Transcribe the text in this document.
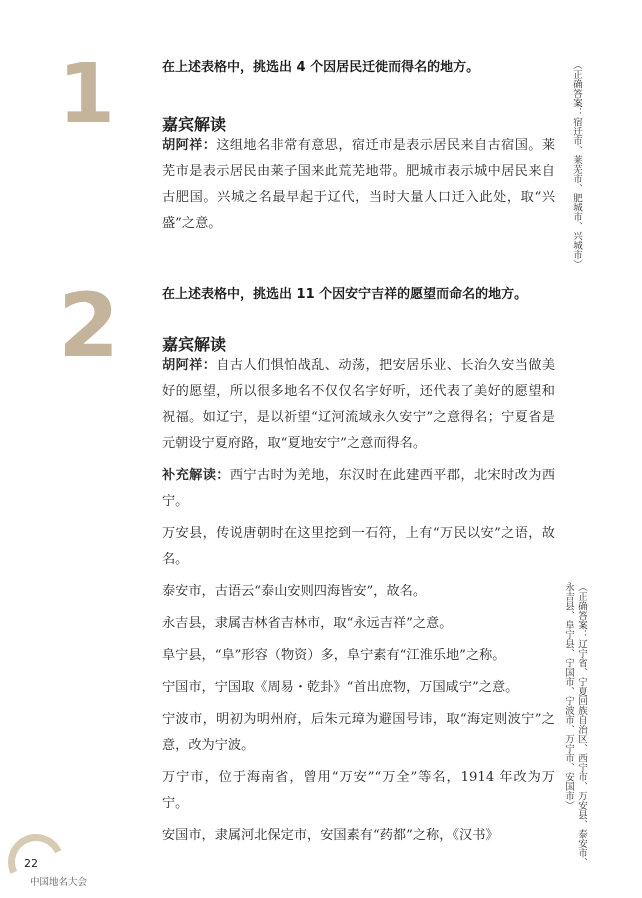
1	在上述表格中，挑选出 4 个因居民迁徙而得名的地方。
嘉宾解读

胡阿祥：这组地名非常有意思，宿迁市是表示居民来自古宿国。莱芜市是表示居民由莱子国来此荒芜地带。肥城市表示城中居民来自古肥国。兴城之名最早起于辽代，当时大量人口迁入此处，取“兴盛”之意。	（正确答案：宿迁市、莱芜市、肥城市、兴城市）
2	在上述表格中，挑选出 11 个因安宁吉祥的愿望而命名的地方。
嘉宾解读

胡阿祥：自古人们惧怕战乱、动荡，把安居乐业、长治久安当做美好的愿望，所以很多地名不仅仅名字好听，还代表了美好的愿望和祝福。如辽宁，是以祈望“辽河流域永久安宁”之意得名；宁夏省是元朝设宁夏府路，取“夏地安宁”之意而得名。

补充解读：西宁古时为羌地，东汉时在此建西平郡，北宋时改为西宁。

万安县，传说唐朝时在这里挖到一石符，上有“万民以安”之语，故名。

泰安市，古语云“泰山安则四海皆安”，故名。

永吉县，隶属吉林省吉林市，取“永远吉祥”之意。

阜宁县，“阜”形容（物资）多，阜宁素有“江淮乐地”之称。

宁国市，宁国取《周易・乾卦》“首出庶物，万国咸宁”之意。

宁波市，明初为明州府，后朱元璋为避国号讳，取“海定则波宁”之意，改为宁波。

万宁市，位于海南省，曾用“万安”“万全”等名，1914 年改为万宁。

安国市，隶属河北保定市，安国素有“药都”之称，《汉书》	（正确答案：辽宁省、宁夏回族自治区、西宁市、万安县、泰安市、永吉县、阜宁县、宁国市、宁波市、万宁市、安国市）
22
中国地名大会
